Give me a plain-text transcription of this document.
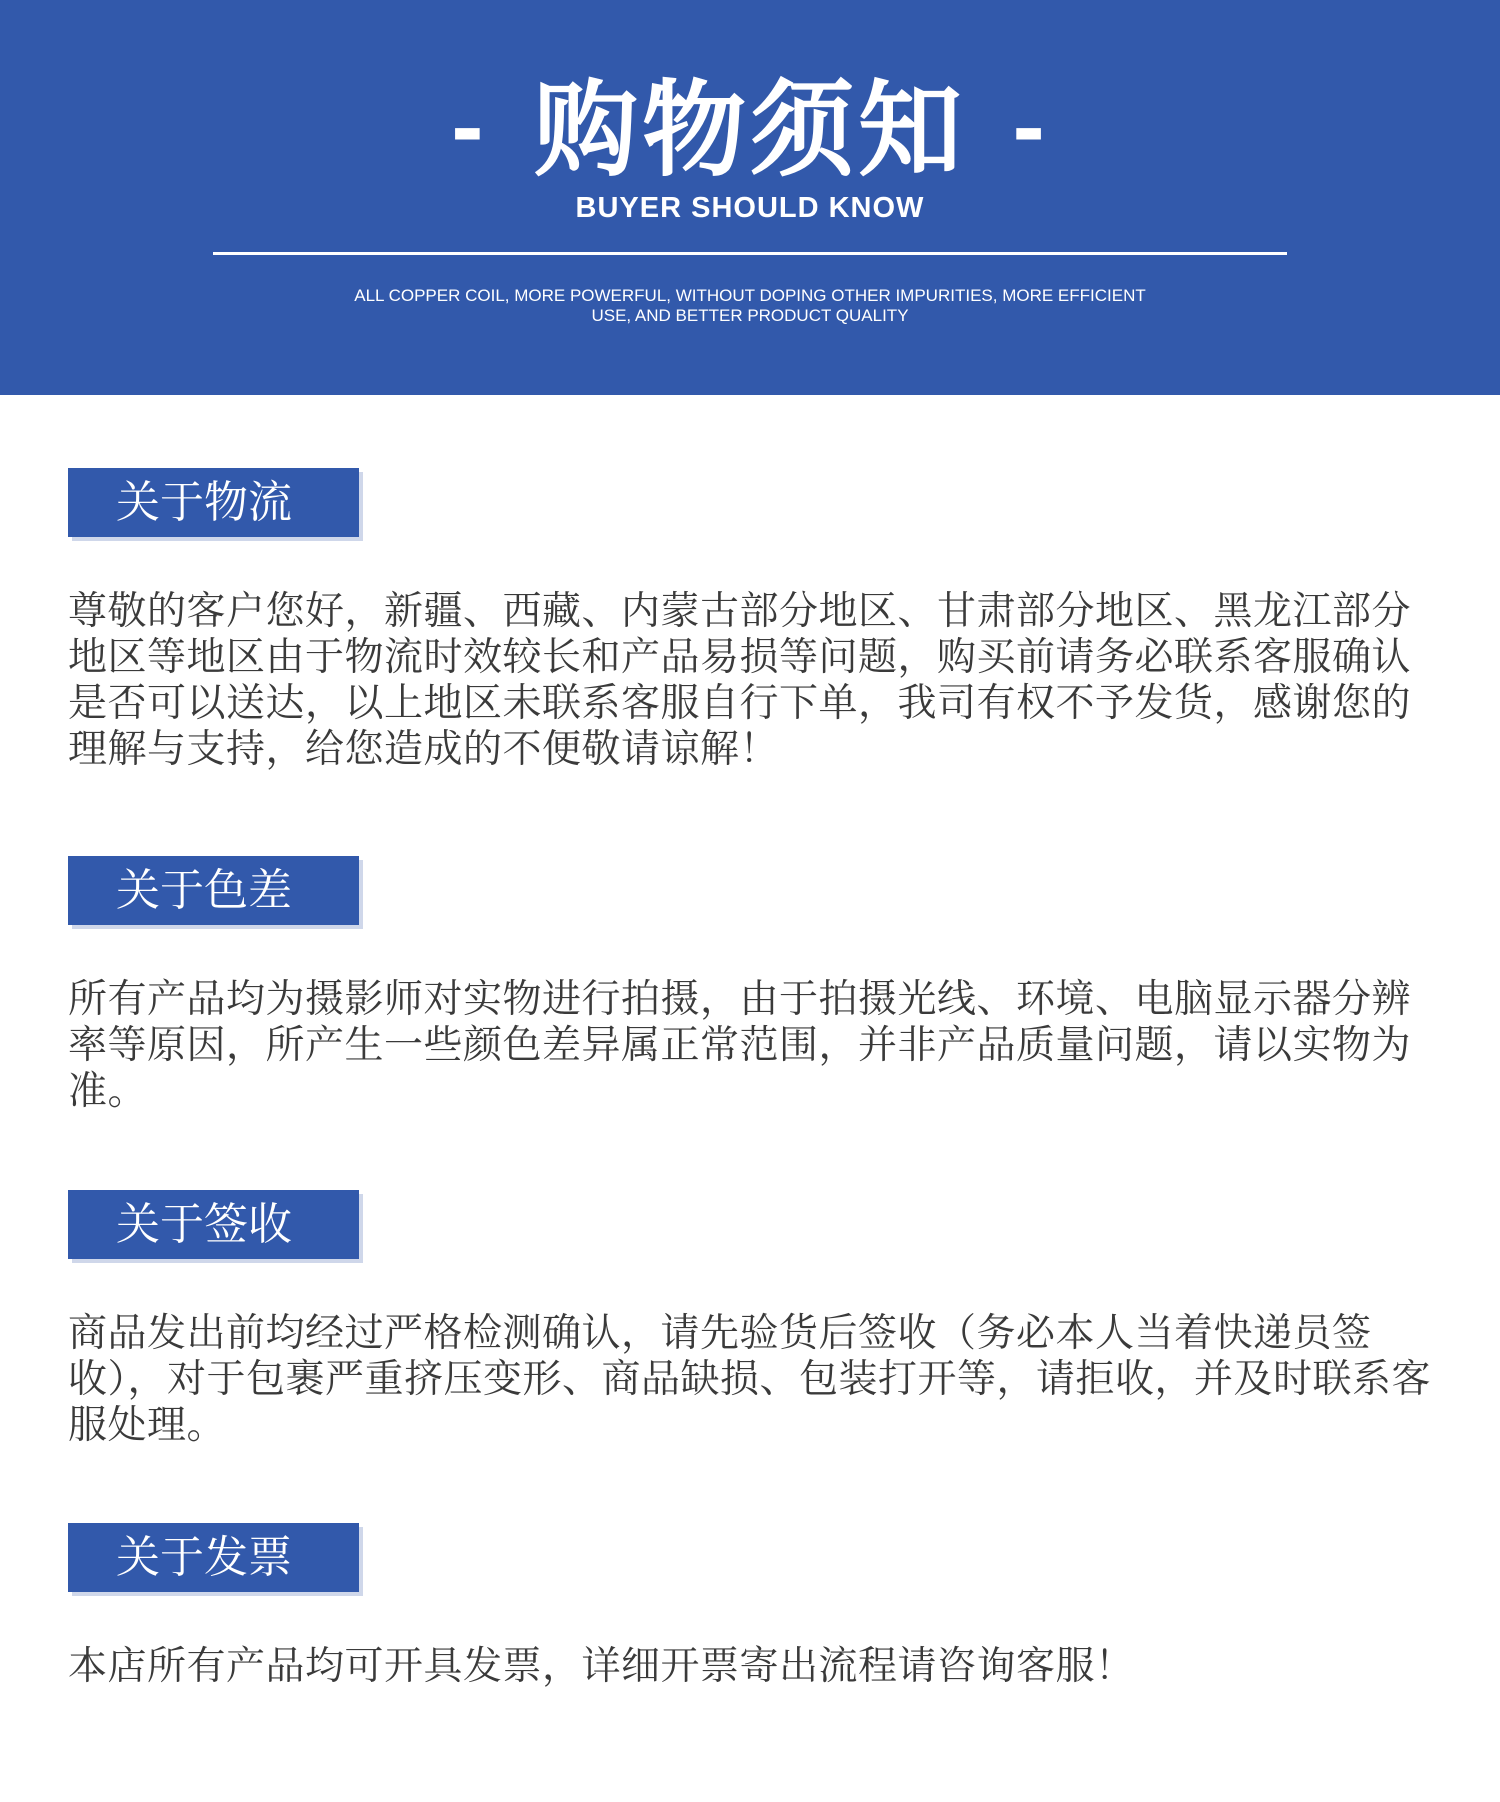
- 购物须知 -
BUYER SHOULD KNOW
ALL COPPER COIL, MORE POWERFUL, WITHOUT DOPING OTHER IMPURITIES, MORE EFFICIENT
USE, AND BETTER PRODUCT QUALITY
关于物流
尊敬的客户您好，新疆、西藏、内蒙古部分地区、甘肃部分地区、黑龙江部分地区等地区由于物流时效较长和产品易损等问题，购买前请务必联系客服确认是否可以送达，以上地区未联系客服自行下单，我司有权不予发货，感谢您的理解与支持，给您造成的不便敬请谅解！
关于色差
所有产品均为摄影师对实物进行拍摄，由于拍摄光线、环境、电脑显示器分辨率等原因，所产生一些颜色差异属正常范围，并非产品质量问题，请以实物为准。
关于签收
商品发出前均经过严格检测确认，请先验货后签收（务必本人当着快递员签收），对于包裹严重挤压变形、商品缺损、包装打开等，请拒收，并及时联系客服处理。
关于发票
本店所有产品均可开具发票，详细开票寄出流程请咨询客服！
